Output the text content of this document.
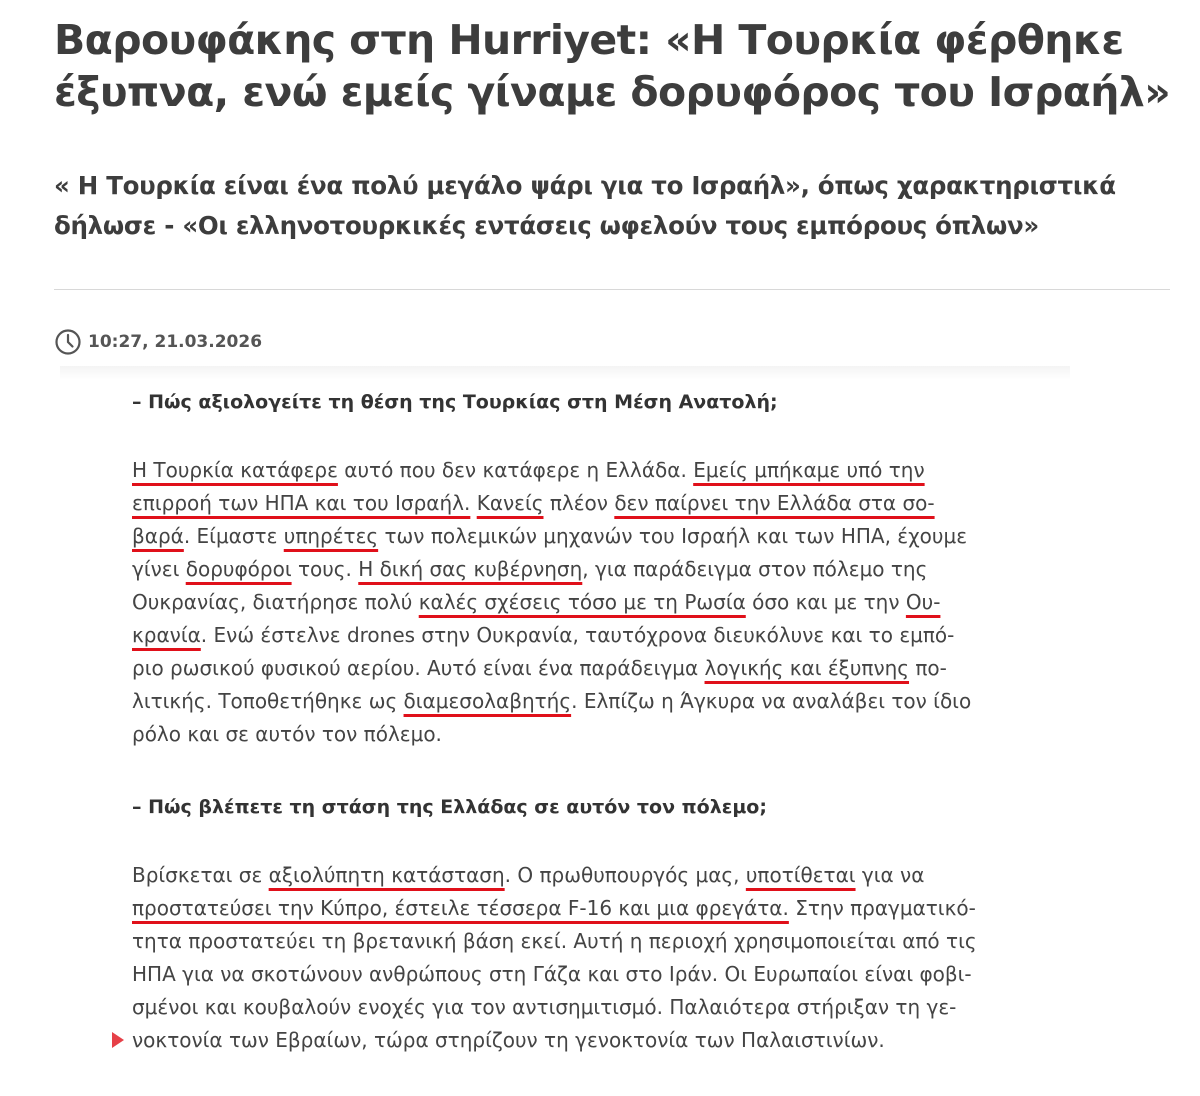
Βαρουφάκης στη Hurriyet: «Η Τουρκία φέρθηκε έξυπνα, ενώ εμείς γίναμε δορυφόρος του Ισραήλ»
« Η Τουρκία είναι ένα πολύ μεγάλο ψάρι για το Ισραήλ», όπως χαρακτηριστικά δήλωσε - «Οι ελληνοτουρκικές εντάσεις ωφελούν τους εμπόρους όπλων»
10:27, 21.03.2026

– Πώς αξιολογείτε τη θέση της Τουρκίας στη Μέση Ανατολή;

Η Τουρκία κατάφερε αυτό που δεν κατάφερε η Ελλάδα. Εμείς μπήκαμε υπό την
επιρροή των ΗΠΑ και του Ισραήλ. Κανείς πλέον δεν παίρνει την Ελλάδα στα σο-
βαρά. Είμαστε υπηρέτες των πολεμικών μηχανών του Ισραήλ και των ΗΠΑ, έχουμε
γίνει δορυφόροι τους. Η δική σας κυβέρνηση, για παράδειγμα στον πόλεμο της
Ουκρανίας, διατήρησε πολύ καλές σχέσεις τόσο με τη Ρωσία όσο και με την Ου-
κρανία. Ενώ έστελνε drones στην Ουκρανία, ταυτόχρονα διευκόλυνε και το εμπό-
ριο ρωσικού φυσικού αερίου. Αυτό είναι ένα παράδειγμα λογικής και έξυπνης πο-
λιτικής. Τοποθετήθηκε ως διαμεσολαβητής. Ελπίζω η Άγκυρα να αναλάβει τον ίδιο
ρόλο και σε αυτόν τον πόλεμο.

– Πώς βλέπετε τη στάση της Ελλάδας σε αυτόν τον πόλεμο;

Βρίσκεται σε αξιολύπητη κατάσταση. Ο πρωθυπουργός μας, υποτίθεται για να
προστατεύσει την Κύπρο, έστειλε τέσσερα F-16 και μια φρεγάτα. Στην πραγματικό-
τητα προστατεύει τη βρετανική βάση εκεί. Αυτή η περιοχή χρησιμοποιείται από τις
ΗΠΑ για να σκοτώνουν ανθρώπους στη Γάζα και στο Ιράν. Οι Ευρωπαίοι είναι φοβι-
σμένοι και κουβαλούν ενοχές για τον αντισημιτισμό. Παλαιότερα στήριξαν τη γε-
νοκτονία των Εβραίων, τώρα στηρίζουν τη γενοκτονία των Παλαιστινίων.
